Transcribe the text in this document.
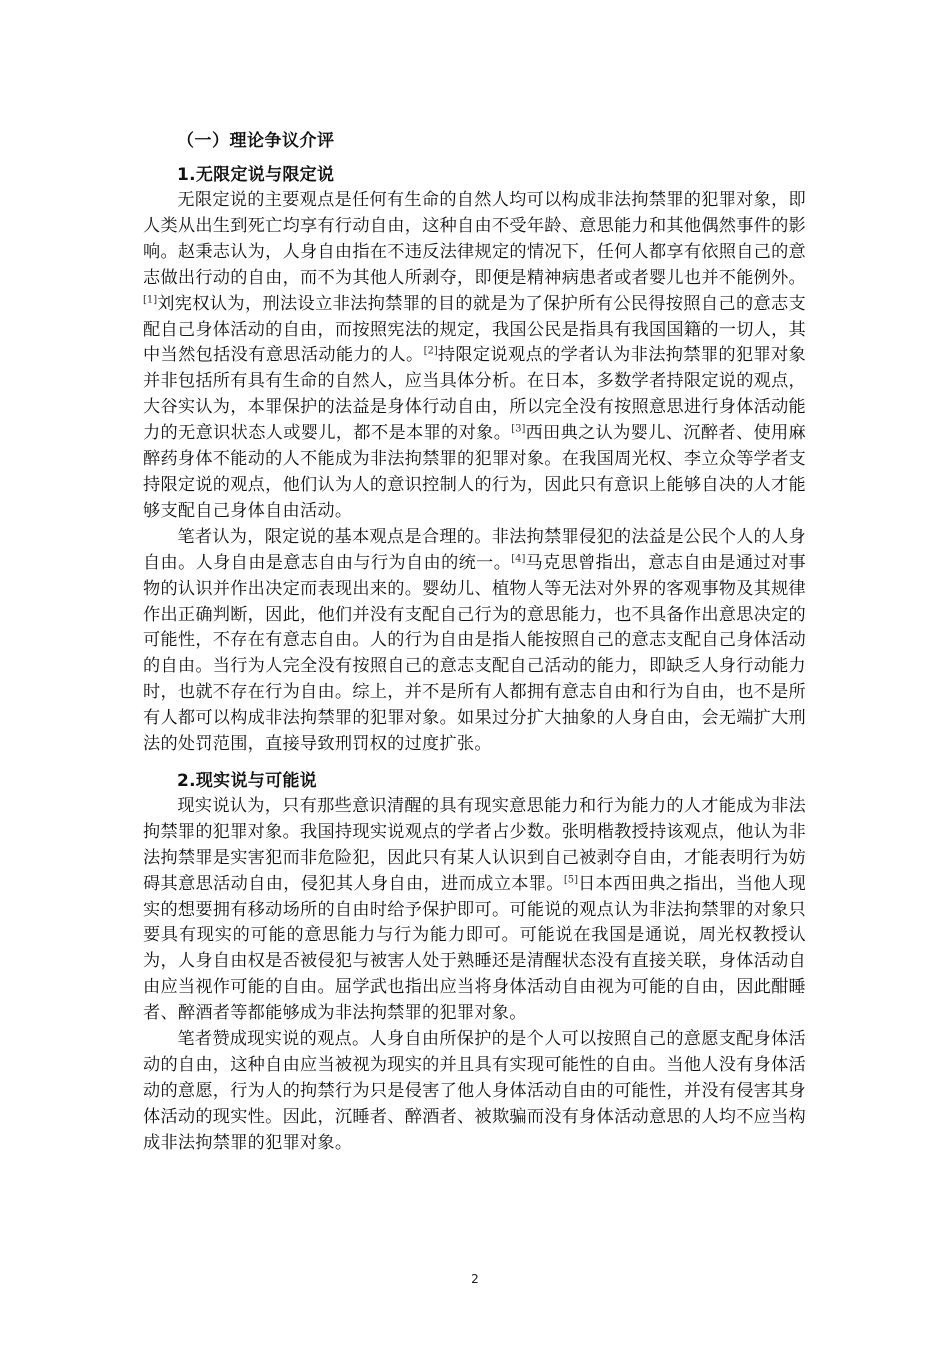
（一）理论争议介评
1.无限定说与限定说

无限定说的主要观点是任何有生命的自然人均可以构成非法拘禁罪的犯罪对象，即人类从出生到死亡均享有行动自由，这种自由不受年龄、意思能力和其他偶然事件的影响。赵秉志认为，人身自由指在不违反法律规定的情况下，任何人都享有依照自己的意志做出行动的自由，而不为其他人所剥夺，即便是精神病患者或者婴儿也并不能例外。[1]刘宪权认为，刑法设立非法拘禁罪的目的就是为了保护所有公民得按照自己的意志支配自己身体活动的自由，而按照宪法的规定，我国公民是指具有我国国籍的一切人，其中当然包括没有意思活动能力的人。[2]持限定说观点的学者认为非法拘禁罪的犯罪对象并非包括所有具有生命的自然人，应当具体分析。在日本，多数学者持限定说的观点，大谷实认为，本罪保护的法益是身体行动自由，所以完全没有按照意思进行身体活动能力的无意识状态人或婴儿，都不是本罪的对象。[3]西田典之认为婴儿、沉醉者、使用麻醉药身体不能动的人不能成为非法拘禁罪的犯罪对象。在我国周光权、李立众等学者支持限定说的观点，他们认为人的意识控制人的行为，因此只有意识上能够自决的人才能够支配自己身体自由活动。

笔者认为，限定说的基本观点是合理的。非法拘禁罪侵犯的法益是公民个人的人身自由。人身自由是意志自由与行为自由的统一。[4]马克思曾指出，意志自由是通过对事物的认识并作出决定而表现出来的。婴幼儿、植物人等无法对外界的客观事物及其规律作出正确判断，因此，他们并没有支配自己行为的意思能力，也不具备作出意思决定的可能性，不存在有意志自由。人的行为自由是指人能按照自己的意志支配自己身体活动的自由。当行为人完全没有按照自己的意志支配自己活动的能力，即缺乏人身行动能力时，也就不存在行为自由。综上，并不是所有人都拥有意志自由和行为自由，也不是所有人都可以构成非法拘禁罪的犯罪对象。如果过分扩大抽象的人身自由，会无端扩大刑法的处罚范围，直接导致刑罚权的过度扩张。

2.现实说与可能说

现实说认为，只有那些意识清醒的具有现实意思能力和行为能力的人才能成为非法拘禁罪的犯罪对象。我国持现实说观点的学者占少数。张明楷教授持该观点，他认为非法拘禁罪是实害犯而非危险犯，因此只有某人认识到自己被剥夺自由，才能表明行为妨碍其意思活动自由，侵犯其人身自由，进而成立本罪。[5]日本西田典之指出，当他人现实的想要拥有移动场所的自由时给予保护即可。可能说的观点认为非法拘禁罪的对象只要具有现实的可能的意思能力与行为能力即可。可能说在我国是通说，周光权教授认为，人身自由权是否被侵犯与被害人处于熟睡还是清醒状态没有直接关联，身体活动自由应当视作可能的自由。屈学武也指出应当将身体活动自由视为可能的自由，因此酣睡者、醉酒者等都能够成为非法拘禁罪的犯罪对象。

笔者赞成现实说的观点。人身自由所保护的是个人可以按照自己的意愿支配身体活动的自由，这种自由应当被视为现实的并且具有实现可能性的自由。当他人没有身体活动的意愿，行为人的拘禁行为只是侵害了他人身体活动自由的可能性，并没有侵害其身体活动的现实性。因此，沉睡者、醉酒者、被欺骗而没有身体活动意思的人均不应当构成非法拘禁罪的犯罪对象。

2
